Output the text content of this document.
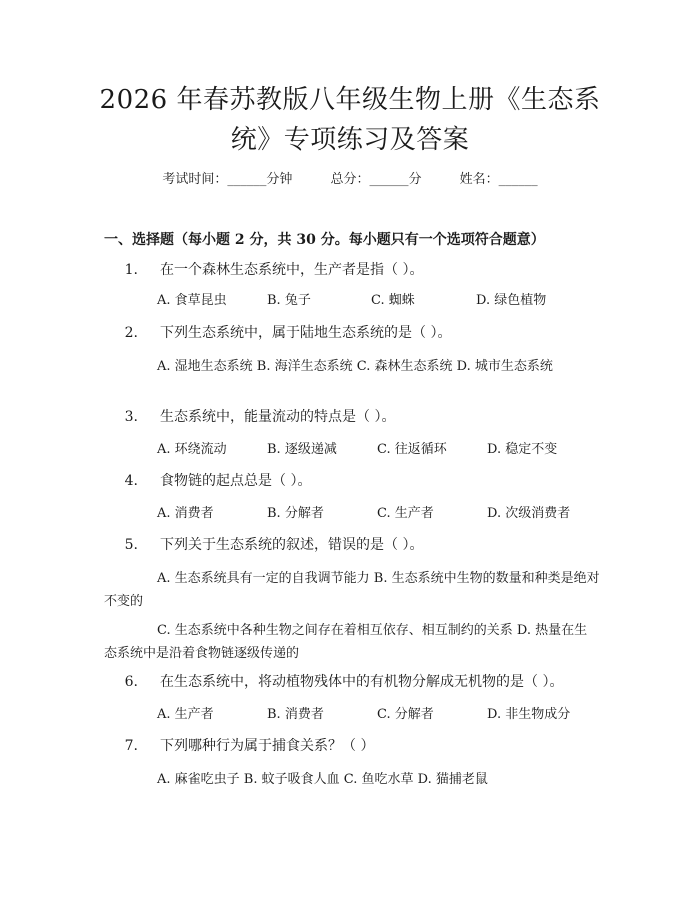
2026 年春苏教版八年级生物上册《生态系
统》专项练习及答案
考试时间：______分钟	总分：______分	姓名：______
一、选择题（每小题 2 分，共 30 分。每小题只有一个选项符合题意）
1. 在一个森林生态系统中，生产者是指（ ）。
A. 食草昆虫	B. 兔子	C. 蜘蛛	D. 绿色植物
2. 下列生态系统中，属于陆地生态系统的是（ ）。
A. 湿地生态系统 B. 海洋生态系统 C. 森林生态系统 D. 城市生态系统
3. 生态系统中，能量流动的特点是（ ）。
A. 环绕流动	B. 逐级递减	C. 往返循环	D. 稳定不变
4. 食物链的起点总是（ ）。
A. 消费者	B. 分解者	C. 生产者	D. 次级消费者
5. 下列关于生态系统的叙述，错误的是（ ）。
A. 生态系统具有一定的自我调节能力 B. 生态系统中生物的数量和种类是绝对不变的
C. 生态系统中各种生物之间存在着相互依存、相互制约的关系 D. 热量在生态系统中是沿着食物链逐级传递的
6. 在生态系统中，将动植物残体中的有机物分解成无机物的是（ ）。
A. 生产者	B. 消费者	C. 分解者	D. 非生物成分
7. 下列哪种行为属于捕食关系？（ ）
A. 麻雀吃虫子 B. 蚊子吸食人血 C. 鱼吃水草 D. 猫捕老鼠
